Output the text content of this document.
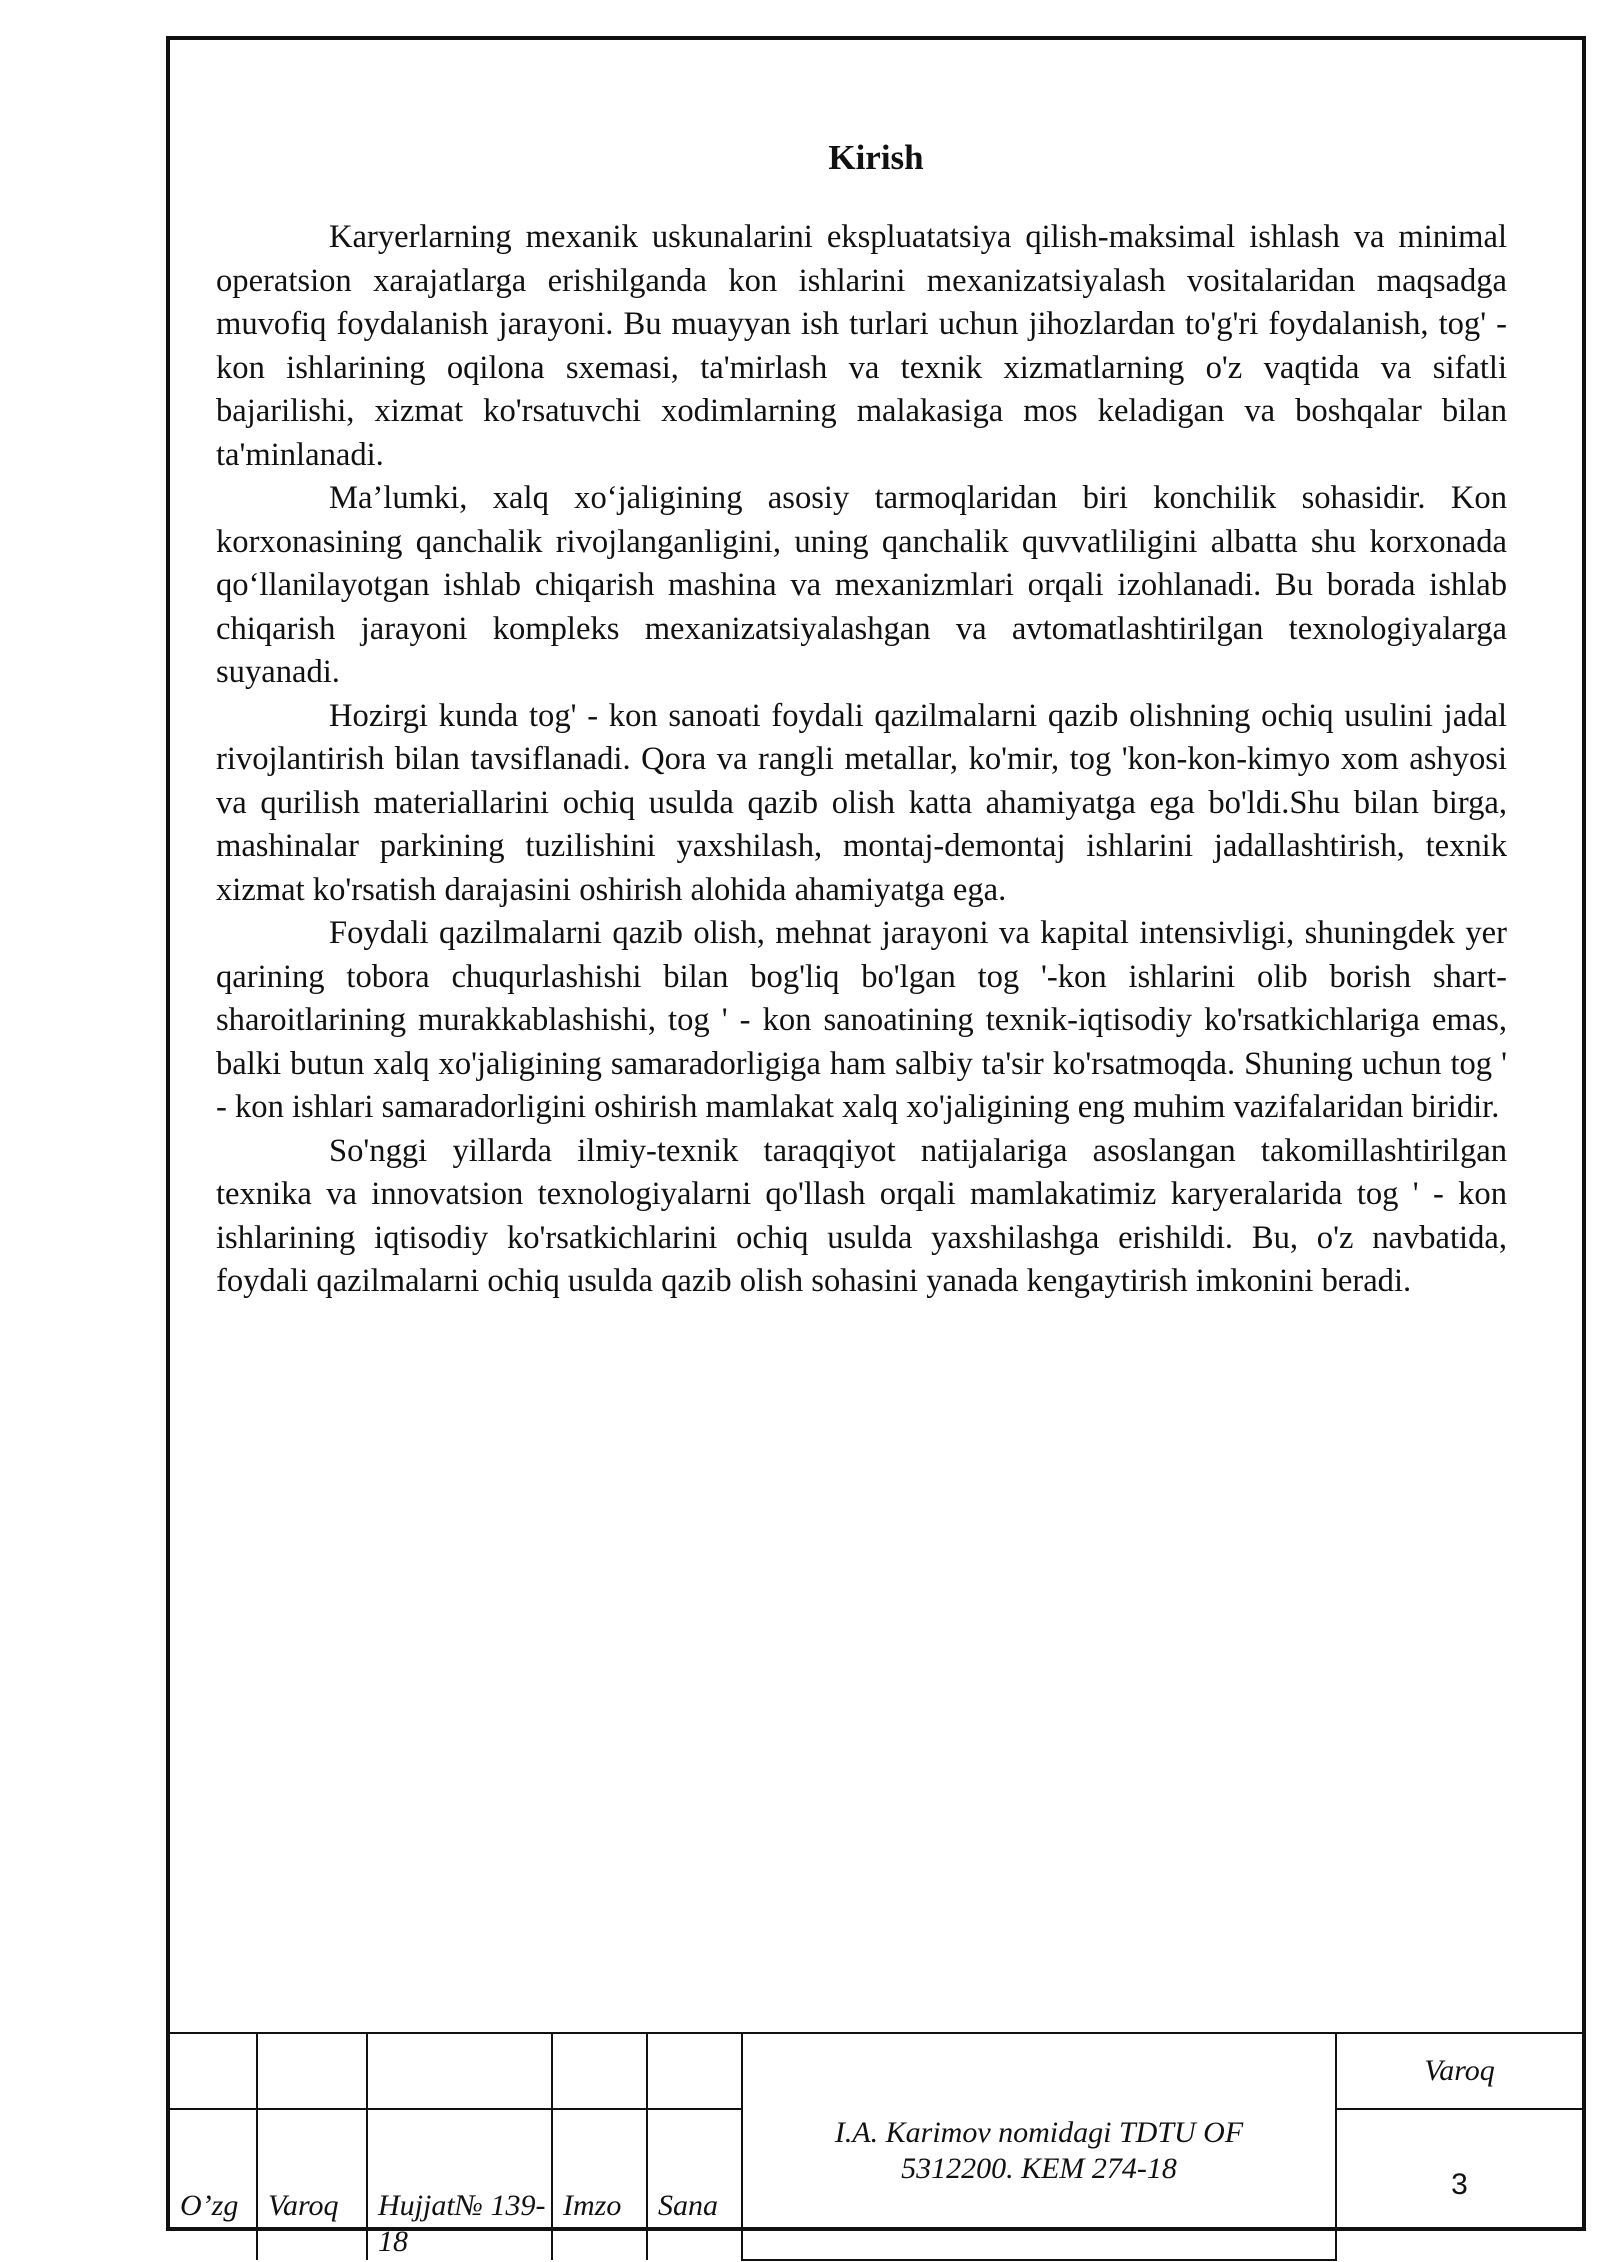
Kirish

Karyerlarning mexanik uskunalarini ekspluatatsiya qilish-maksimal ishlash va minimal operatsion xarajatlarga erishilganda kon ishlarini mexanizatsiyalash vositalaridan maqsadga muvofiq foydalanish jarayoni. Bu muayyan ish turlari uchun jihozlardan to'g'ri foydalanish, tog' - kon ishlarining oqilona sxemasi, ta'mirlash va texnik xizmatlarning o'z vaqtida va sifatli bajarilishi, xizmat ko'rsatuvchi xodimlarning malakasiga mos keladigan va boshqalar bilan ta'minlanadi.

Ma’lumki, xalq xo‘jaligining asosiy tarmoqlaridan biri konchilik sohasidir. Kon korxonasining qanchalik rivojlanganligini, uning qanchalik quvvatliligini albatta shu korxonada qo‘llanilayotgan ishlab chiqarish mashina va mexanizmlari orqali izohlanadi. Bu borada ishlab chiqarish jarayoni kompleks mexanizatsiyalashgan va avtomatlashtirilgan texnologiyalarga suyanadi.

Hozirgi kunda tog' - kon sanoati foydali qazilmalarni qazib olishning ochiq usulini jadal rivojlantirish bilan tavsiflanadi. Qora va rangli metallar, ko'mir, tog 'kon-kon-kimyo xom ashyosi va qurilish materiallarini ochiq usulda qazib olish katta ahamiyatga ega bo'ldi.Shu bilan birga, mashinalar parkining tuzilishini yaxshilash, montaj-demontaj ishlarini jadallashtirish, texnik xizmat ko'rsatish darajasini oshirish alohida ahamiyatga ega.

Foydali qazilmalarni qazib olish, mehnat jarayoni va kapital intensivligi, shuningdek yer qarining tobora chuqurlashishi bilan bog'liq bo'lgan tog '-kon ishlarini olib borish shart-sharoitlarining murakkablashishi, tog ' - kon sanoatining texnik-iqtisodiy ko'rsatkichlariga emas, balki butun xalq xo'jaligining samaradorligiga ham salbiy ta'sir ko'rsatmoqda. Shuning uchun tog ' - kon ishlari samaradorligini oshirish mamlakat xalq xo'jaligining eng muhim vazifalaridan biridir.

So'nggi yillarda ilmiy-texnik taraqqiyot natijalariga asoslangan takomillashtirilgan texnika va innovatsion texnologiyalarni qo'llash orqali mamlakatimiz karyeralarida tog ' - kon ishlarining iqtisodiy ko'rsatkichlarini ochiq usulda yaxshilashga erishildi. Bu, o'z navbatida, foydali qazilmalarni ochiq usulda qazib olish sohasini yanada kengaytirish imkonini beradi.

					I.A. Karimov nomidagi TDTU OF
5312200. KEM 274-18	Varoq
O’zg	Varoq	Hujjat№ 139-18	Imzo	Sana		3
